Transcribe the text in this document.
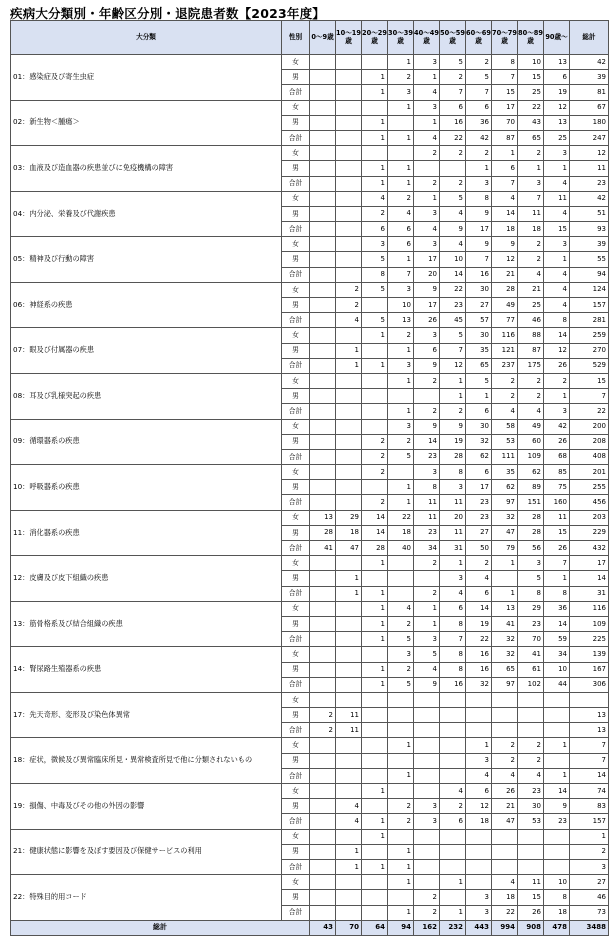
疾病大分類別・年齢区分別・退院患者数【2023年度】
大分類	性別	0～9歳	10～19歳	20～29歳	30～39歳	40～49歳	50～59歳	60～69歳	70～79歳	80～89歳	90歳～	総計
01：感染症及び寄生虫症	女				1	3	5	2	8	10	13	42
	男			1	2	1	2	5	7	15	6	39
	合計			1	3	4	7	7	15	25	19	81
02：新生物＜腫瘍＞	女				1	3	6	6	17	22	12	67
	男			1		1	16	36	70	43	13	180
	合計			1	1	4	22	42	87	65	25	247
03：血液及び造血器の疾患並びに免疫機構の障害	女					2	2	2	1	2	3	12
	男			1	1			1	6	1	1	11
	合計			1	1	2	2	3	7	3	4	23
04：内分泌、栄養及び代謝疾患	女			4	2	1	5	8	4	7	11	42
	男			2	4	3	4	9	14	11	4	51
	合計			6	6	4	9	17	18	18	15	93
05：精神及び行動の障害	女			3	6	3	4	9	9	2	3	39
	男			5	1	17	10	7	12	2	1	55
	合計			8	7	20	14	16	21	4	4	94
06：神経系の疾患	女		2	5	3	9	22	30	28	21	4	124
	男		2		10	17	23	27	49	25	4	157
	合計		4	5	13	26	45	57	77	46	8	281
07：眼及び付属器の疾患	女			1	2	3	5	30	116	88	14	259
	男		1		1	6	7	35	121	87	12	270
	合計		1	1	3	9	12	65	237	175	26	529
08：耳及び乳様突起の疾患	女				1	2	1	5	2	2	2	15
	男						1	1	2	2	1	7
	合計				1	2	2	6	4	4	3	22
09：循環器系の疾患	女				3	9	9	30	58	49	42	200
	男			2	2	14	19	32	53	60	26	208
	合計			2	5	23	28	62	111	109	68	408
10：呼吸器系の疾患	女			2		3	8	6	35	62	85	201
	男				1	8	3	17	62	89	75	255
	合計			2	1	11	11	23	97	151	160	456
11：消化器系の疾患	女	13	29	14	22	11	20	23	32	28	11	203
	男	28	18	14	18	23	11	27	47	28	15	229
	合計	41	47	28	40	34	31	50	79	56	26	432
12：皮膚及び皮下組織の疾患	女			1		2	1	2	1	3	7	17
	男		1				3	4		5	1	14
	合計		1	1		2	4	6	1	8	8	31
13：筋骨格系及び結合組織の疾患	女			1	4	1	6	14	13	29	36	116
	男			1	2	1	8	19	41	23	14	109
	合計			1	5	3	7	22	32	70	59	225
14：腎尿路生殖器系の疾患	女				3	5	8	16	32	41	34	139
	男			1	2	4	8	16	65	61	10	167
	合計			1	5	9	16	32	97	102	44	306
17：先天奇形、変形及び染色体異常	女											
	男	2	11									13
	合計	2	11									13
18：症状，徴候及び異常臨床所見・異常検査所見で他に分類されないもの	女				1			1	2	2	1	7
	男							3	2	2		7
	合計				1			4	4	4	1	14
19：損傷、中毒及びその他の外因の影響	女			1			4	6	26	23	14	74
	男		4		2	3	2	12	21	30	9	83
	合計		4	1	2	3	6	18	47	53	23	157
21：健康状態に影響を及ぼす要因及び保健サービスの利用	女			1								1
	男		1		1							2
	合計		1	1	1							3
22：特殊目的用コード	女				1		1		4	11	10	27
	男					2		3	18	15	8	46
	合計				1	2	1	3	22	26	18	73
総計		43	70	64	94	162	232	443	994	908	478	3488
